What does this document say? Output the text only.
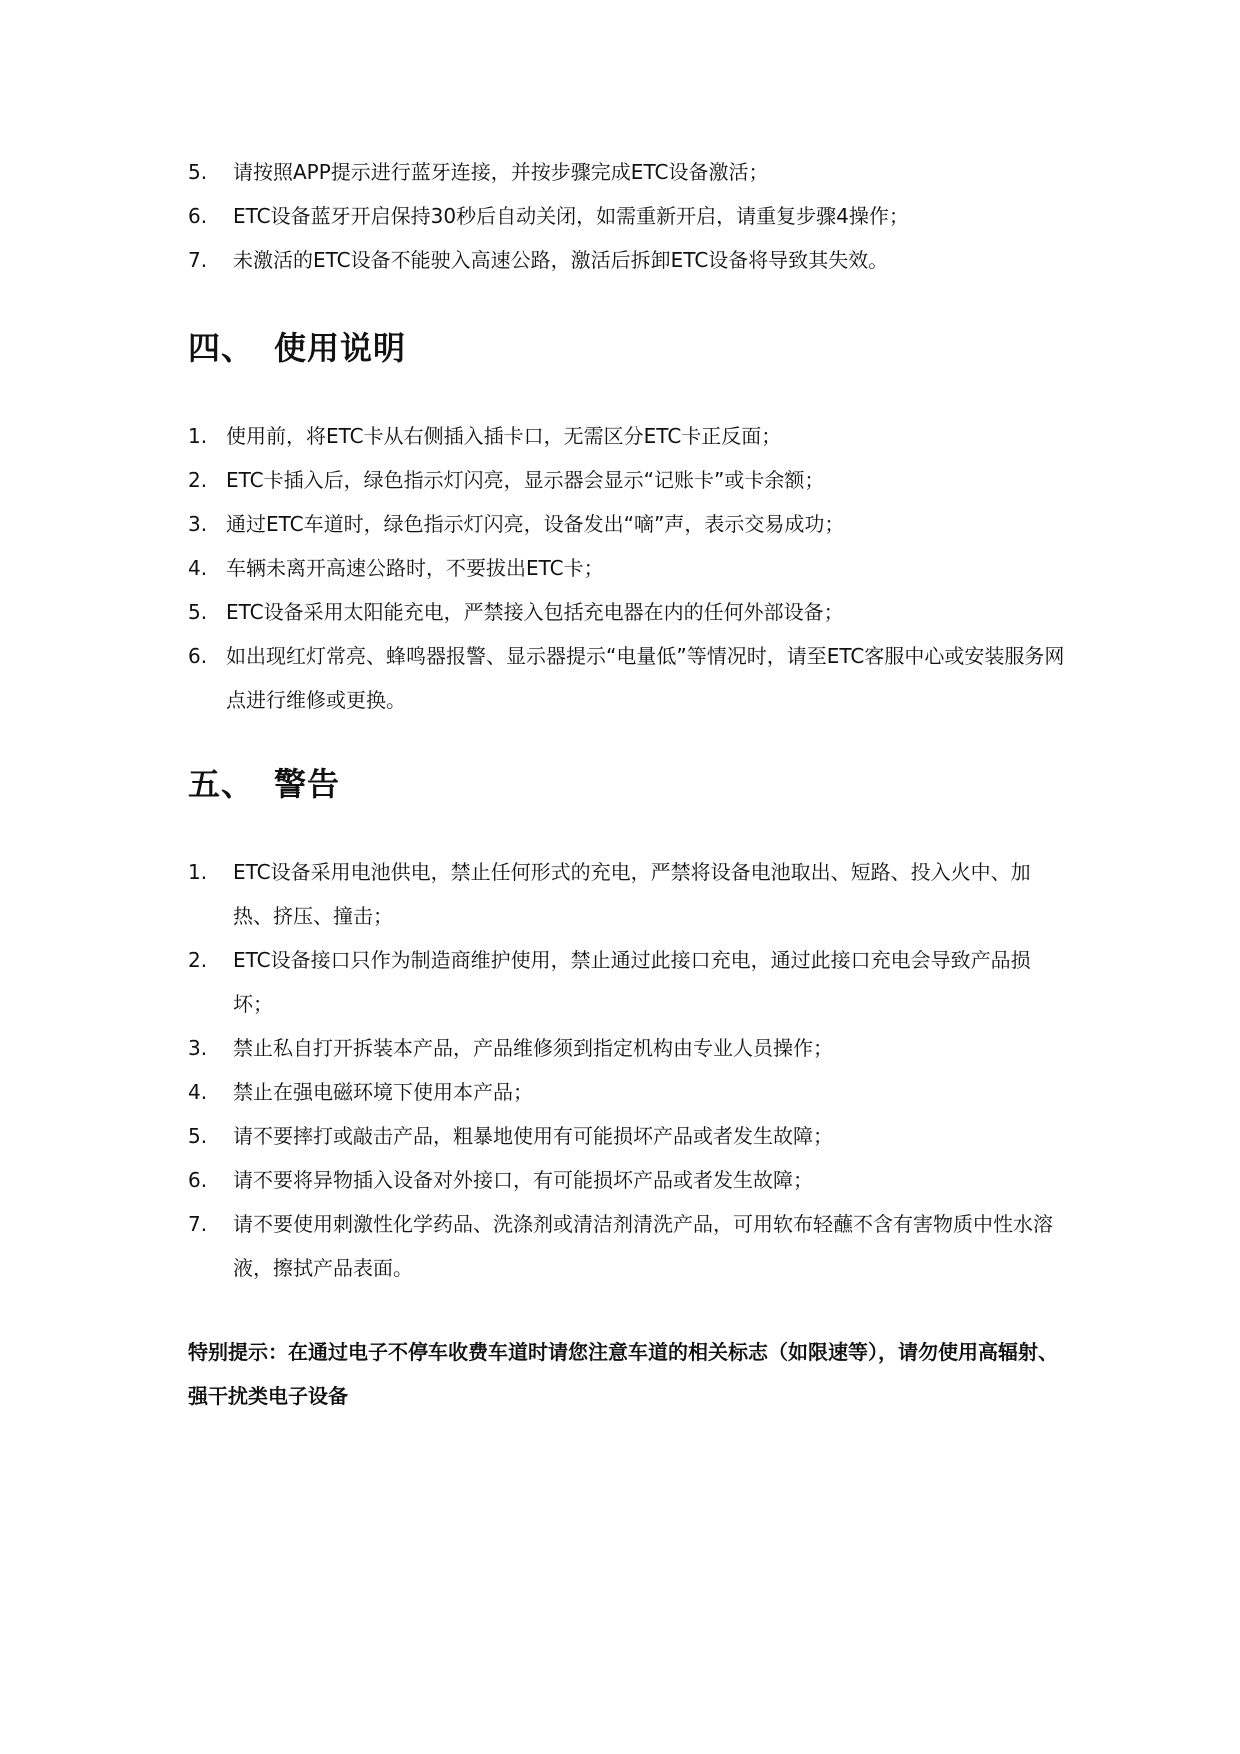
5.	请按照APP提示进行蓝牙连接，并按步骤完成ETC设备激活；
6.	ETC设备蓝牙开启保持30秒后自动关闭，如需重新开启，请重复步骤4操作；
7.	未激活的ETC设备不能驶入高速公路，激活后拆卸ETC设备将导致其失效。
四、 使用说明
1. 使用前，将ETC卡从右侧插入插卡口，无需区分ETC卡正反面；
2. ETC卡插入后，绿色指示灯闪亮，显示器会显示“记账卡”或卡余额；
3. 通过ETC车道时，绿色指示灯闪亮，设备发出“嘀”声，表示交易成功；
4. 车辆未离开高速公路时，不要拔出ETC卡；
5. ETC设备采用太阳能充电，严禁接入包括充电器在内的任何外部设备；
6. 如出现红灯常亮、蜂鸣器报警、显示器提示“电量低”等情况时，请至ETC客服中心或安装服务网点进行维修或更换。
五、 警告
1.	ETC设备采用电池供电，禁止任何形式的充电，严禁将设备电池取出、短路、投入火中、加热、挤压、撞击；
2.	ETC设备接口只作为制造商维护使用，禁止通过此接口充电，通过此接口充电会导致产品损坏；
3.	禁止私自打开拆装本产品，产品维修须到指定机构由专业人员操作；
4.	禁止在强电磁环境下使用本产品；
5.	请不要摔打或敲击产品，粗暴地使用有可能损坏产品或者发生故障；
6.	请不要将异物插入设备对外接口，有可能损坏产品或者发生故障；
7.	请不要使用刺激性化学药品、洗涤剂或清洁剂清洗产品，可用软布轻蘸不含有害物质中性水溶液，擦拭产品表面。

特别提示：在通过电子不停车收费车道时请您注意车道的相关标志（如限速等），请勿使用高辐射、强干扰类电子设备
